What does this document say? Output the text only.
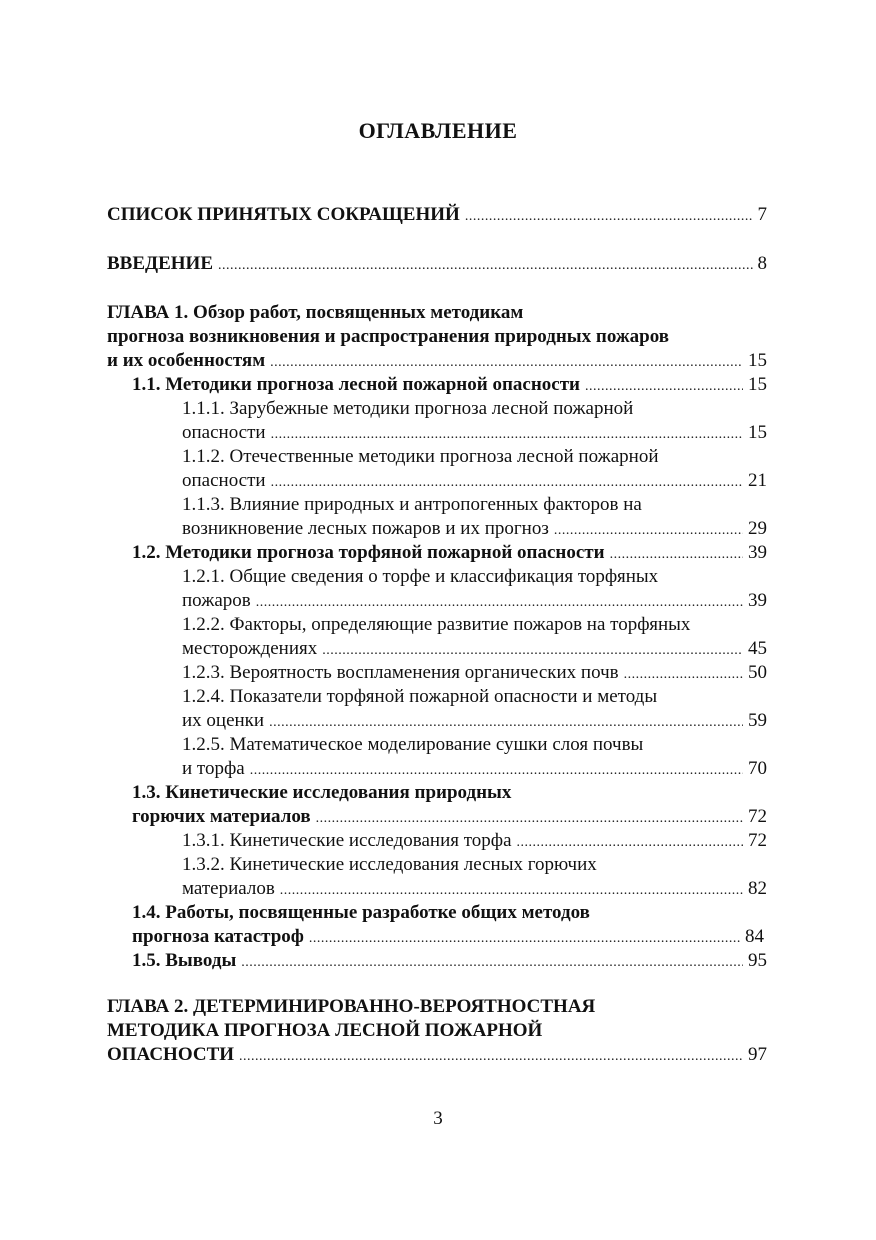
ОГЛАВЛЕНИЕ
СПИСОК ПРИНЯТЫХ СОКРАЩЕНИЙ . . .	7
ВВЕДЕНИЕ . . .	8
ГЛАВА 1. Обзор работ, посвященных методикам
прогноза возникновения и распространения природных пожаров
и их особенностям . . .	15
1.1. Методики прогноза лесной пожарной опасности . . .	15
1.1.1. Зарубежные методики прогноза лесной пожарной
опасности . . .	15
1.1.2. Отечественные методики прогноза лесной пожарной
опасности . . .	21
1.1.3. Влияние природных и антропогенных факторов на
возникновение лесных пожаров и их прогноз . . .	29
1.2. Методики прогноза торфяной пожарной опасности . . .	39
1.2.1. Общие сведения о торфе и классификация торфяных
пожаров . . .	39
1.2.2. Факторы, определяющие развитие пожаров на торфяных
месторождениях . . .	45
1.2.3. Вероятность воспламенения органических почв . . .	50
1.2.4. Показатели торфяной пожарной опасности и методы
их оценки . . .	59
1.2.5. Математическое моделирование сушки слоя почвы
и торфа . . .	70
1.3. Кинетические исследования природных
горючих материалов . . .	72
1.3.1. Кинетические исследования торфа . . .	72
1.3.2. Кинетические исследования лесных горючих
материалов . . .	82
1.4. Работы, посвященные разработке общих методов
прогноза катастроф . . .	84
1.5. Выводы . . .	95
ГЛАВА 2. ДЕТЕРМИНИРОВАННО-ВЕРОЯТНОСТНАЯ
МЕТОДИКА ПРОГНОЗА ЛЕСНОЙ ПОЖАРНОЙ
ОПАСНОСТИ . . .	97
3
